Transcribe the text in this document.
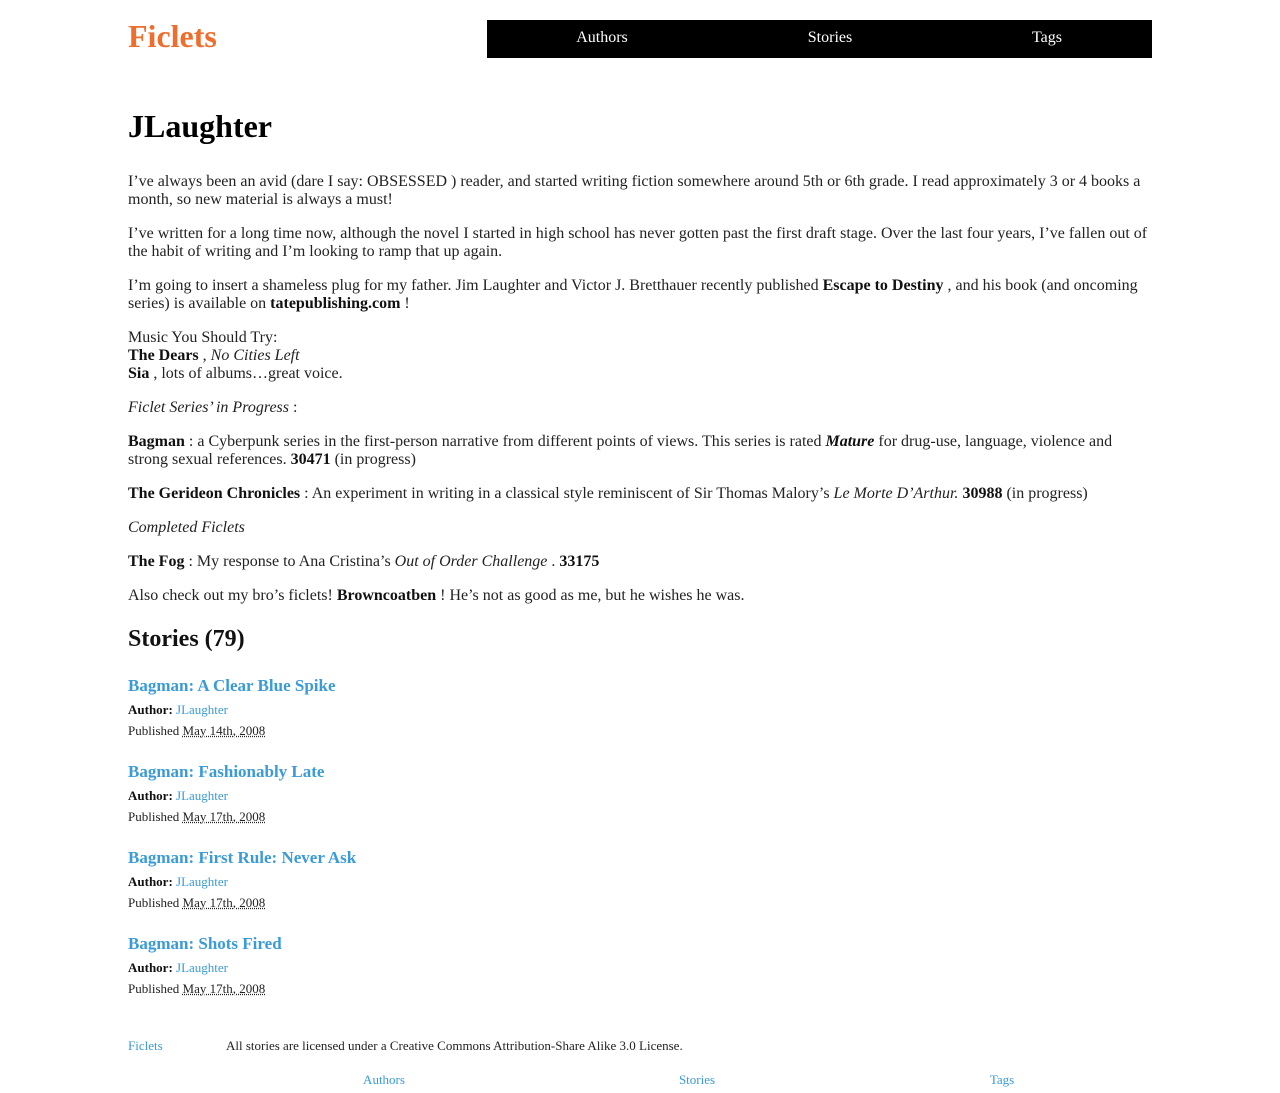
Ficlets	Authors	Stories	Tags
JLaughter

I’ve always been an avid (dare I say: OBSESSED ) reader, and started writing fiction somewhere around 5th or 6th grade. I read approximately 3 or 4 books a month, so new material is always a must!

I’ve written for a long time now, although the novel I started in high school has never gotten past the first draft stage. Over the last four years, I’ve fallen out of the habit of writing and I’m looking to ramp that up again.

I’m going to insert a shameless plug for my father. Jim Laughter and Victor J. Bretthauer recently published Escape to Destiny , and his book (and oncoming series) is available on tatepublishing.com !

Music You Should Try:
The Dears , No Cities Left
Sia , lots of albums…great voice.

Ficlet Series’ in Progress :

Bagman : a Cyberpunk series in the first-person narrative from different points of views. This series is rated Mature for drug-use, language, violence and strong sexual references. 30471 (in progress)

The Gerideon Chronicles : An experiment in writing in a classical style reminiscent of Sir Thomas Malory’s Le Morte D’Arthur. 30988 (in progress)

Completed Ficlets

The Fog : My response to Ana Cristina’s Out of Order Challenge . 33175

Also check out my bro’s ficlets! Browncoatben ! He’s not as good as me, but he wishes he was.

Stories (79)
Bagman: A Clear Blue Spike
Author: JLaughter
Published May 14th, 2008
Bagman: Fashionably Late
Author: JLaughter
Published May 17th, 2008
Bagman: First Rule: Never Ask
Author: JLaughter
Published May 17th, 2008
Bagman: Shots Fired
Author: JLaughter
Published May 17th, 2008
Ficlets	All stories are licensed under a Creative Commons Attribution-Share Alike 3.0 License.
Authors	Stories	Tags
